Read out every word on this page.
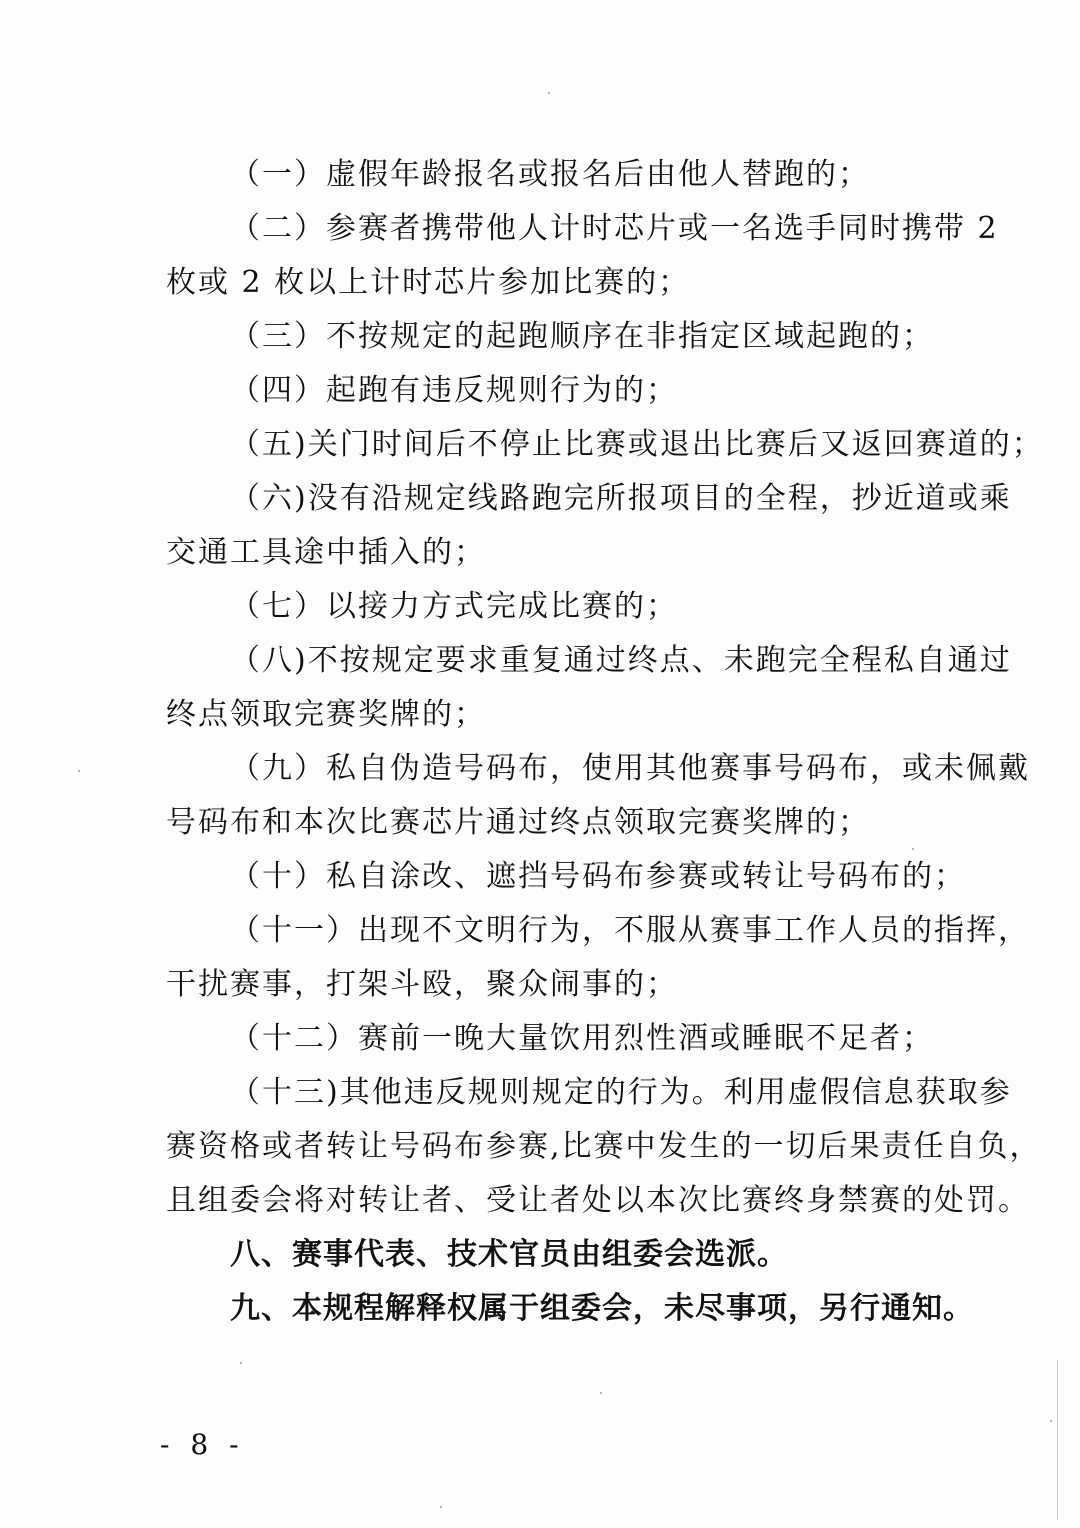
（一）虚假年龄报名或报名后由他人替跑的；
（二）参赛者携带他人计时芯片或一名选手同时携带 2
枚或 2 枚以上计时芯片参加比赛的；
（三）不按规定的起跑顺序在非指定区域起跑的；
（四）起跑有违反规则行为的；
（五)关门时间后不停止比赛或退出比赛后又返回赛道的；
（六)没有沿规定线路跑完所报项目的全程，抄近道或乘
交通工具途中插入的；
（七）以接力方式完成比赛的；
（八)不按规定要求重复通过终点、未跑完全程私自通过
终点领取完赛奖牌的；
（九）私自伪造号码布，使用其他赛事号码布，或未佩戴
号码布和本次比赛芯片通过终点领取完赛奖牌的；
（十）私自涂改、遮挡号码布参赛或转让号码布的；
（十一）出现不文明行为，不服从赛事工作人员的指挥，
干扰赛事，打架斗殴，聚众闹事的；
（十二）赛前一晚大量饮用烈性酒或睡眠不足者；
（十三)其他违反规则规定的行为。利用虚假信息获取参
赛资格或者转让号码布参赛,比赛中发生的一切后果责任自负，
且组委会将对转让者、受让者处以本次比赛终身禁赛的处罚。
八、赛事代表、技术官员由组委会选派。
九、本规程解释权属于组委会，未尽事项，另行通知。
- 8 -
